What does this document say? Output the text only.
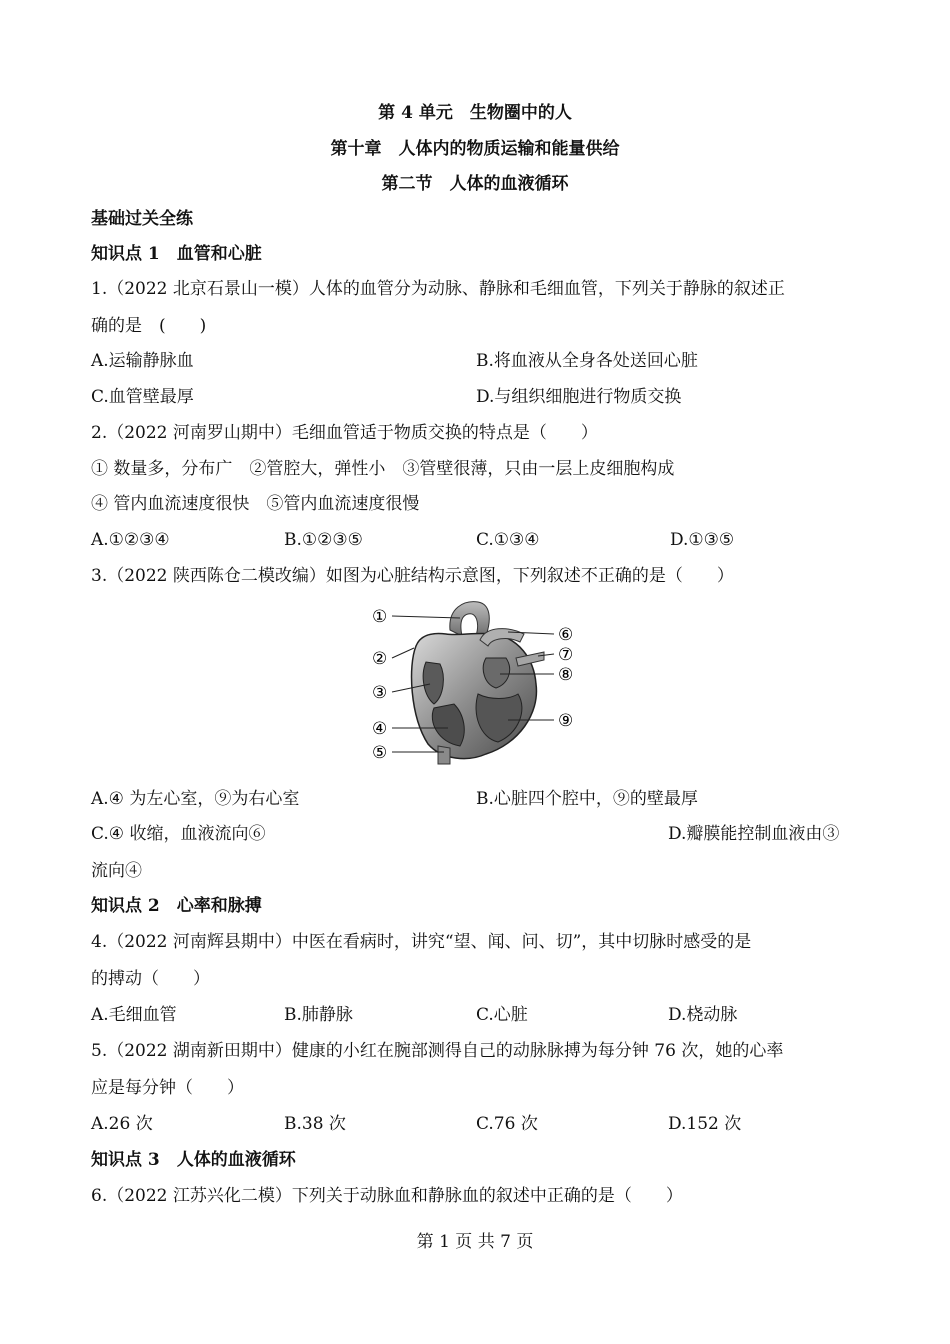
第 4 单元　生物圈中的人
第十章　人体内的物质运输和能量供给
第二节　人体的血液循环
基础过关全练
知识点 1　血管和心脏
1.（2022 北京石景山一模）人体的血管分为动脉、静脉和毛细血管，下列关于静脉的叙述正
确的是　(　　)
A.运输静脉血	B.将血液从全身各处送回心脏
C.血管壁最厚	D.与组织细胞进行物质交换
2.（2022 河南罗山期中）毛细血管适于物质交换的特点是（　　）
① 数量多，分布广　②管腔大，弹性小　③管壁很薄，只由一层上皮细胞构成
④ 管内血流速度很快　⑤管内血流速度很慢
A.①②③④	B.①②③⑤	C.①③④	D.①③⑤
3.（2022 陕西陈仓二模改编）如图为心脏结构示意图，下列叙述不正确的是（　　）
①
②
③
④
⑤
⑥
⑦
⑧
⑨
A.④ 为左心室，⑨为右心室	B.心脏四个腔中，⑨的壁最厚
C.④ 收缩，血液流向⑥	D.瓣膜能控制血液由③
流向④
知识点 2　心率和脉搏
4.（2022 河南辉县期中）中医在看病时，讲究“望、闻、问、切”，其中切脉时感受的是
的搏动（　　）
A.毛细血管	B.肺静脉	C.心脏	D.桡动脉
5.（2022 湖南新田期中）健康的小红在腕部测得自己的动脉脉搏为每分钟 76 次，她的心率
应是每分钟（　　）
A.26 次	B.38 次	C.76 次	D.152 次
知识点 3　人体的血液循环
6.（2022 江苏兴化二模）下列关于动脉血和静脉血的叙述中正确的是（　　）
第 1 页 共 7 页
